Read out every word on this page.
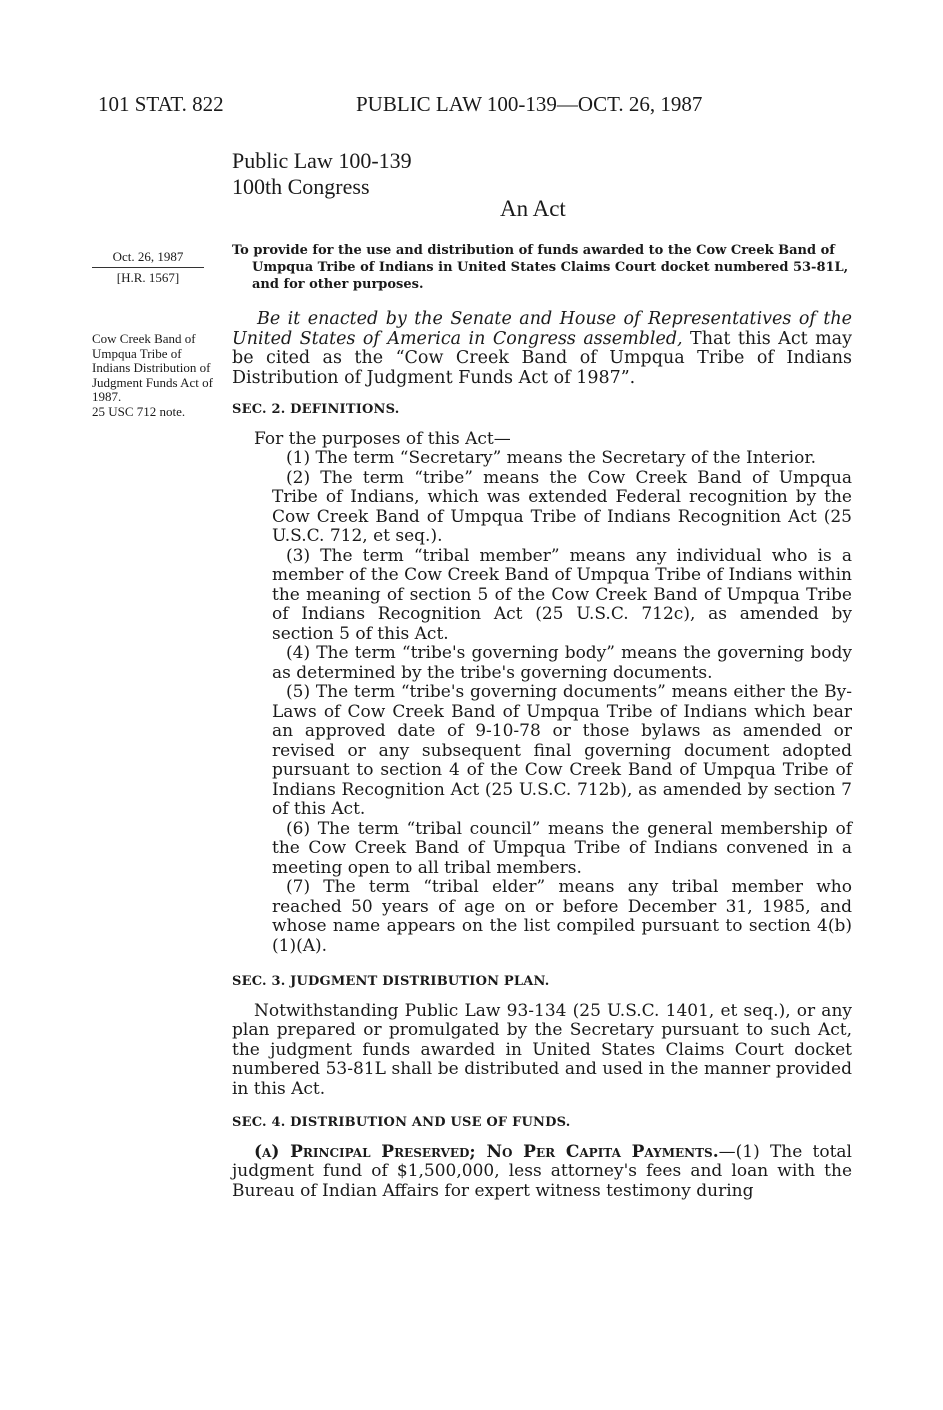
101 STAT. 822	PUBLIC LAW 100-139—OCT. 26, 1987
Public Law 100-139
100th Congress
An Act
Oct. 26, 1987
[H.R. 1567]
Cow Creek Band of Umpqua Tribe of Indians Distribution of Judgment Funds Act of 1987.
25 USC 712 note.
To provide for the use and distribution of funds awarded to the Cow Creek Band of Umpqua Tribe of Indians in United States Claims Court docket numbered 53-81L, and for other purposes.

Be it enacted by the Senate and House of Representatives of the United States of America in Congress assembled, That this Act may be cited as the “Cow Creek Band of Umpqua Tribe of Indians Distribution of Judgment Funds Act of 1987”.

SEC. 2. DEFINITIONS.

For the purposes of this Act—

(1) The term “Secretary” means the Secretary of the Interior.

(2) The term “tribe” means the Cow Creek Band of Umpqua Tribe of Indians, which was extended Federal recognition by the Cow Creek Band of Umpqua Tribe of Indians Recognition Act (25 U.S.C. 712, et seq.).

(3) The term “tribal member” means any individual who is a member of the Cow Creek Band of Umpqua Tribe of Indians within the meaning of section 5 of the Cow Creek Band of Umpqua Tribe of Indians Recognition Act (25 U.S.C. 712c), as amended by section 5 of this Act.

(4) The term “tribe's governing body” means the governing body as determined by the tribe's governing documents.

(5) The term “tribe's governing documents” means either the By-Laws of Cow Creek Band of Umpqua Tribe of Indians which bear an approved date of 9-10-78 or those bylaws as amended or revised or any subsequent final governing document adopted pursuant to section 4 of the Cow Creek Band of Umpqua Tribe of Indians Recognition Act (25 U.S.C. 712b), as amended by section 7 of this Act.

(6) The term “tribal council” means the general membership of the Cow Creek Band of Umpqua Tribe of Indians convened in a meeting open to all tribal members.

(7) The term “tribal elder” means any tribal member who reached 50 years of age on or before December 31, 1985, and whose name appears on the list compiled pursuant to section 4(b)(1)(A).

SEC. 3. JUDGMENT DISTRIBUTION PLAN.

Notwithstanding Public Law 93-134 (25 U.S.C. 1401, et seq.), or any plan prepared or promulgated by the Secretary pursuant to such Act, the judgment funds awarded in United States Claims Court docket numbered 53-81L shall be distributed and used in the manner provided in this Act.

SEC. 4. DISTRIBUTION AND USE OF FUNDS.

(a) Principal Preserved; No Per Capita Payments.—(1) The total judgment fund of $1,500,000, less attorney's fees and loan with the Bureau of Indian Affairs for expert witness testimony during
